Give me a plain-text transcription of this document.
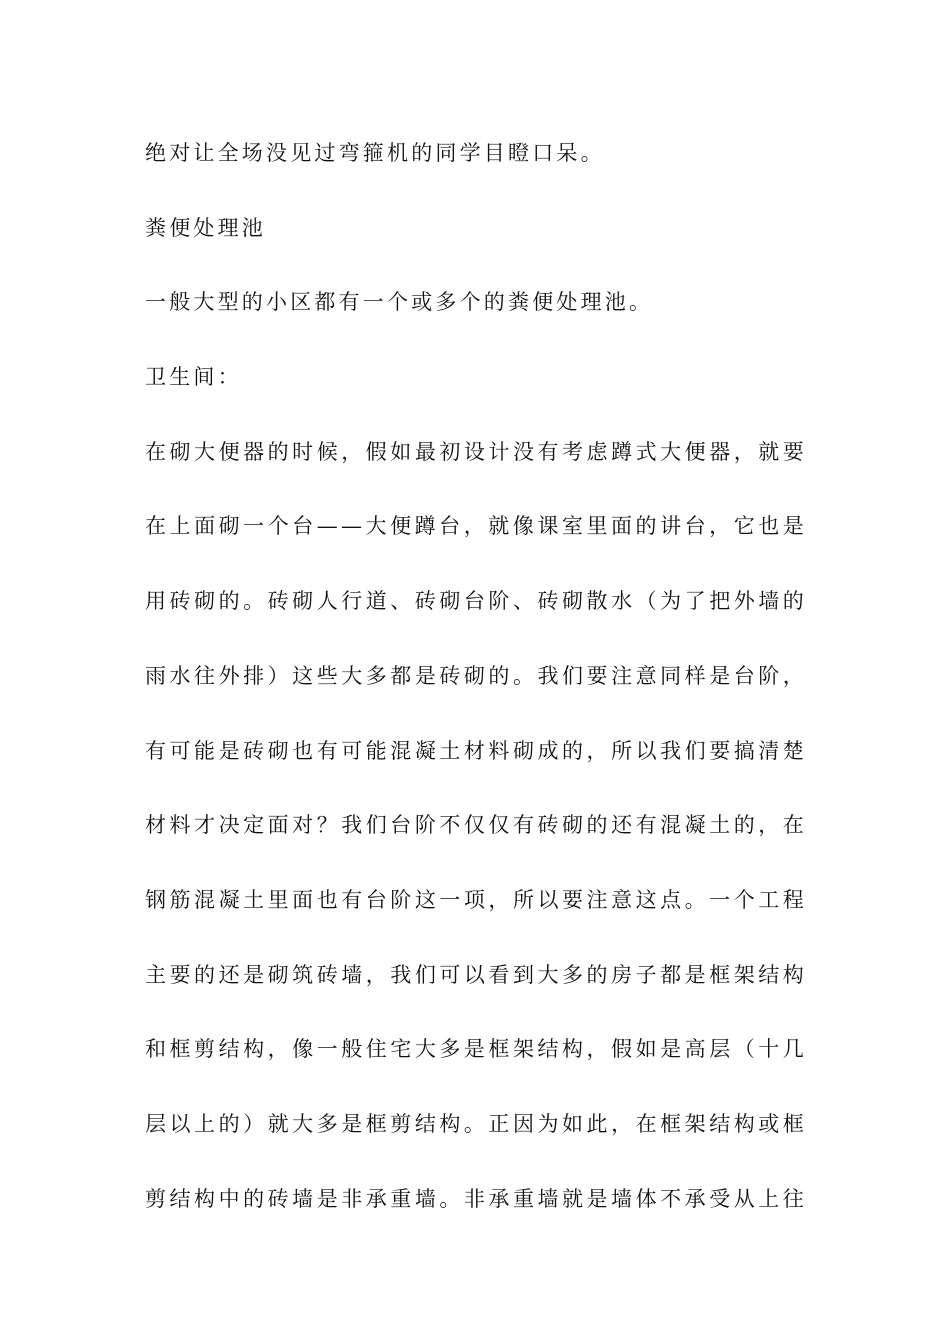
绝对让全场没见过弯箍机的同学目瞪口呆。
粪便处理池
一般大型的小区都有一个或多个的粪便处理池。
卫生间：
在砌大便器的时候，假如最初设计没有考虑蹲式大便器，就要
在上面砌一个台——大便蹲台，就像课室里面的讲台，它也是
用砖砌的。砖砌人行道、砖砌台阶、砖砌散水（为了把外墙的
雨水往外排）这些大多都是砖砌的。我们要注意同样是台阶，
有可能是砖砌也有可能混凝土材料砌成的，所以我们要搞清楚
材料才决定面对？我们台阶不仅仅有砖砌的还有混凝土的，在
钢筋混凝土里面也有台阶这一项，所以要注意这点。一个工程
主要的还是砌筑砖墙，我们可以看到大多的房子都是框架结构
和框剪结构，像一般住宅大多是框架结构，假如是高层（十几
层以上的）就大多是框剪结构。正因为如此，在框架结构或框
剪结构中的砖墙是非承重墙。非承重墙就是墙体不承受从上往
